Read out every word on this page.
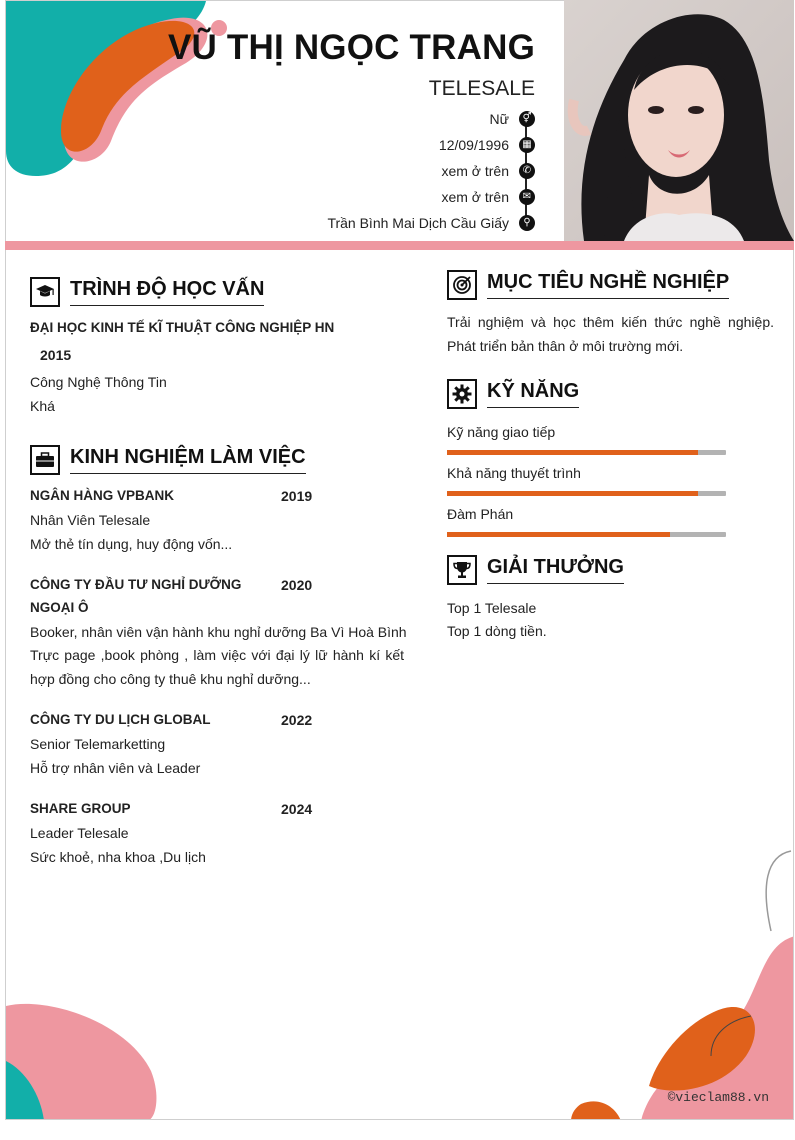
©vieclam88.vn
VŨ THỊ NGỌC TRANG
TELESALE
Nữ	⚥
12/09/1996	▦
xem ở trên	✆
xem ở trên	✉
Trần Bình Mai Dịch Cầu Giấy	⚲
TRÌNH ĐỘ HỌC VẤN
ĐẠI HỌC KINH TẾ KĨ THUẬT CÔNG NGHIỆP HN
2015
Công Nghệ Thông Tin
Khá
KINH NGHIỆM LÀM VIỆC
NGÂN HÀNG VPBANK	2019
Nhân Viên Telesale
Mở thẻ tín dụng, huy động vốn...
CÔNG TY ĐẦU TƯ NGHỈ DƯỠNG
NGOẠI Ô
2020
Booker, nhân viên vận hành khu nghỉ dưỡng Ba Vì Hoà Bình
Trực page ,book phòng , làm việc với đại lý lữ hành kí kết hợp đồng cho công ty thuê khu nghỉ dưỡng...
CÔNG TY DU LỊCH GLOBAL	2022
Senior Telemarketting
Hỗ trợ nhân viên và Leader
SHARE GROUP	2024
Leader Telesale
Sức khoẻ, nha khoa ,Du lịch
MỤC TIÊU NGHỀ NGHIỆP
Trải nghiệm và học thêm kiến thức nghề nghiệp. Phát triển bản thân ở môi trường mới.
KỸ NĂNG
Kỹ năng giao tiếp
Khả năng thuyết trình
Đàm Phán
GIẢI THƯỞNG
Top 1 Telesale
Top 1 dòng tiền.
